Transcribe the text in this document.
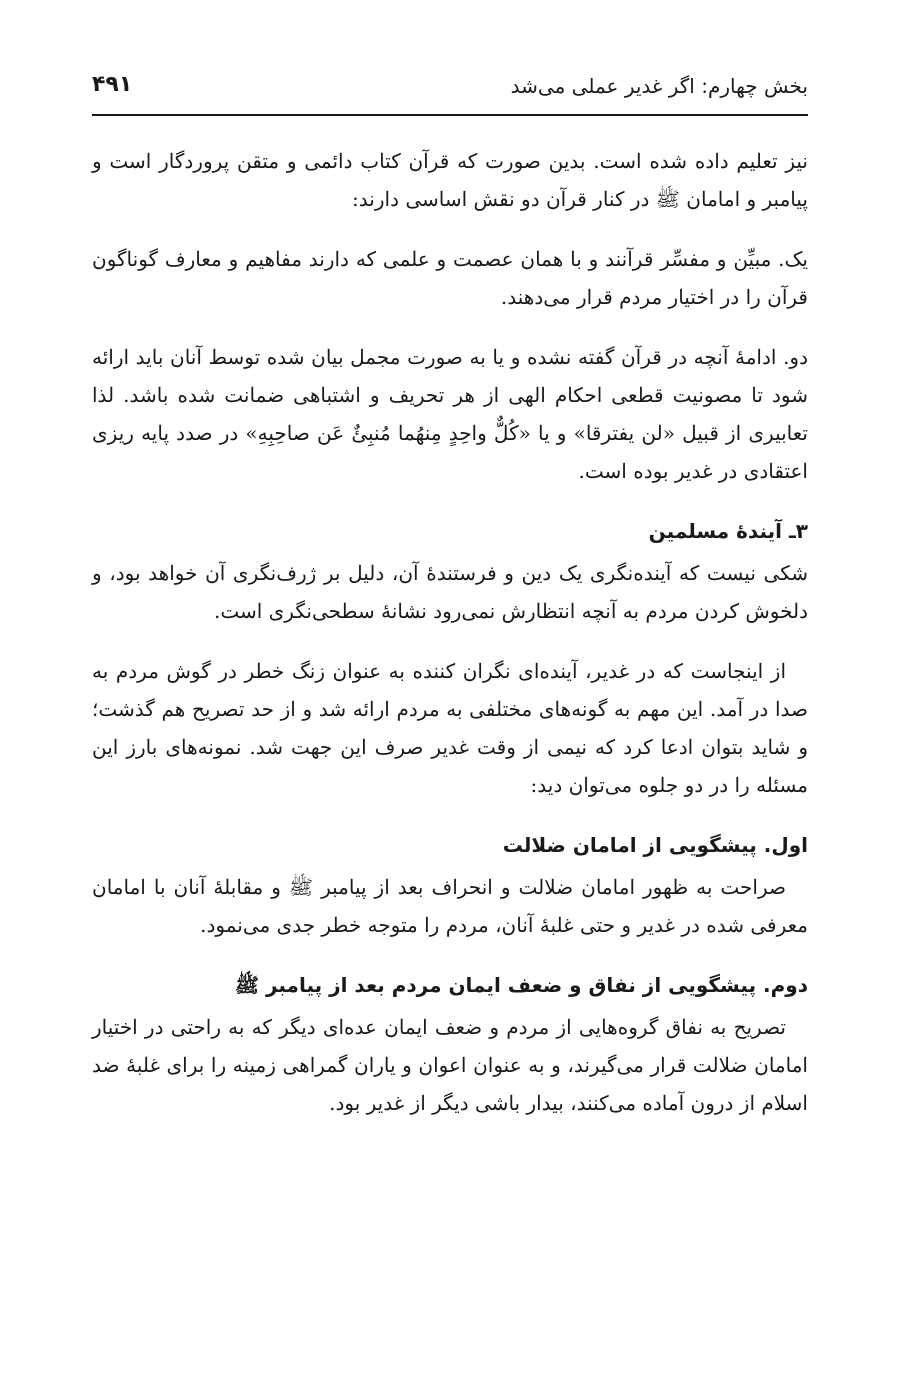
بخش چهارم: اگر غدیر عملی می‌شد
۴۹۱

نیز تعلیم داده شده است. بدین صورت که قرآن کتاب دائمی و متقن پروردگار است و پیامبر و امامان ﷺ در کنار قرآن دو نقش اساسی دارند:

یک. مبیِّن و مفسِّر قرآنند و با همان عصمت و علمی که دارند مفاهیم و معارف گوناگون قرآن را در اختیار مردم قرار می‌دهند.

دو. ادامهٔ آنچه در قرآن گفته نشده و یا به صورت مجمل بیان شده توسط آنان باید ارائه شود تا مصونیت قطعی احکام الهی از هر تحریف و اشتباهی ضمانت شده باشد. لذا تعابیری از قبیل «لن یفترقا» و یا «کُلٌّ واحِدٍ مِنهُما مُنبِئٌ عَن صاحِبِهِ» در صدد پایه ریزی اعتقادی در غدیر بوده است.

۳ـ آیندهٔ مسلمین

شکی نیست که آینده‌نگری یک دین و فرستندهٔ آن، دلیل بر ژرف‌نگری آن خواهد بود، و دلخوش کردن مردم به آنچه انتظارش نمی‌رود نشانهٔ سطحی‌نگری است.

از اینجاست که در غدیر، آینده‌ای نگران کننده به عنوان زنگ خطر در گوش مردم به صدا در آمد. این مهم به گونه‌های مختلفی به مردم ارائه شد و از حد تصریح هم گذشت؛ و شاید بتوان ادعا کرد که نیمی از وقت غدیر صرف این جهت شد. نمونه‌های بارز این مسئله را در دو جلوه می‌توان دید:

اول. پیشگویی از امامان ضلالت

صراحت به ظهور امامان ضلالت و انحراف بعد از پیامبر ﷺ و مقابلهٔ آنان با امامان معرفی شده در غدیر و حتی غلبهٔ آنان، مردم را متوجه خطر جدی می‌نمود.

دوم. پیشگویی از نفاق و ضعف ایمان مردم بعد از پیامبر ﷺ

تصریح به نفاق گروه‌هایی از مردم و ضعف ایمان عده‌ای دیگر که به راحتی در اختیار امامان ضلالت قرار می‌گیرند، و به عنوان اعوان و یاران گمراهی زمینه را برای غلبهٔ ضد اسلام از درون آماده می‌کنند، بیدار باشی دیگر از غدیر بود.
